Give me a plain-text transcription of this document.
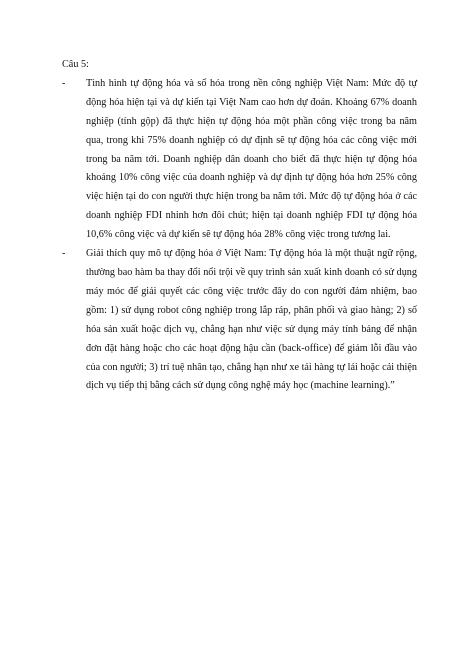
Câu 5:

- Tình hình tự động hóa và số hóa trong nền công nghiệp Việt Nam: Mức độ tự động hóa hiện tại và dự kiến tại Việt Nam cao hơn dự đoán. Khoảng 67% doanh nghiệp (tính gộp) đã thực hiện tự động hóa một phần công việc trong ba năm qua, trong khi 75% doanh nghiệp có dự định sẽ tự động hóa các công việc mới trong ba năm tới. Doanh nghiệp dân doanh cho biết đã thực hiện tự động hóa khoảng 10% công việc của doanh nghiệp và dự định tự động hóa hơn 25% công việc hiện tại do con người thực hiện trong ba năm tới. Mức độ tự động hóa ở các doanh nghiệp FDI nhỉnh hơn đôi chút; hiện tại doanh nghiệp FDI tự động hóa 10,6% công việc và dự kiến sẽ tự động hóa 28% công việc trong tương lai.
- Giải thích quy mô tự động hóa ở Việt Nam: Tự động hóa là một thuật ngữ rộng, thường bao hàm ba thay đổi nổi trội về quy trình sản xuất kinh doanh có sử dụng máy móc để giải quyết các công việc trước đây do con người đảm nhiệm, bao gồm: 1) sử dụng robot công nghiệp trong lắp ráp, phân phối và giao hàng; 2) số hóa sản xuất hoặc dịch vụ, chẳng hạn như việc sử dụng máy tính bảng để nhận đơn đặt hàng hoặc cho các hoạt động hậu cần (back-office) để giảm lỗi đầu vào của con người; 3) trí tuệ nhân tạo, chẳng hạn như xe tải hàng tự lái hoặc cải thiện dịch vụ tiếp thị bằng cách sử dụng công nghệ máy học (machine learning).”
